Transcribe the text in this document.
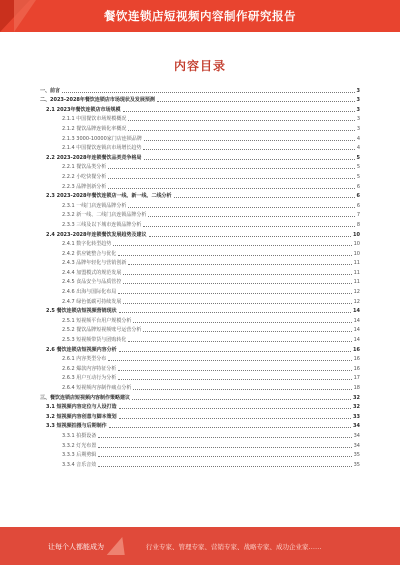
餐饮连锁店短视频内容制作研究报告
内容目录
一、前言	3
二、2023-2028年餐饮连锁店市场现状及发展预测	3
2.1 2023年餐饮连锁店市场规模	3
2.1.1 中国餐饮市场规模概况	3
2.1.2 餐饮品牌连锁化率概况	3
2.1.3 3000-10000家门店连锁品牌	4
2.1.4 中国餐饮连锁店市场增长趋势	4
2.2 2023-2028年连锁餐饮品类竞争格局	5
2.2.1 餐饮品类分析	5
2.2.2 小吃快餐分析	5
2.2.3 品牌创新分析	6
2.3 2023-2028年餐饮连锁店一线、新一线、二线分析	6
2.3.1 一线门店连锁品牌分析	6
2.3.2 新一线、二线门店连锁品牌分析	7
2.3.3 三线及以下城市连锁品牌分析	8
2.4 2023-2028年连锁餐饮发展趋势及建议	10
2.4.1 数字化转型趋势	10
2.4.2 供应链整合与优化	10
2.4.3 品牌年轻化与营销创新	11
2.4.4 加盟模式的规范发展	11
2.4.5 食品安全与品质管控	11
2.4.6 出海与国际化布局	12
2.4.7 绿色低碳可持续发展	12
2.5 餐饮连锁店短视频营销现状	14
2.5.1 短视频平台用户规模分析	14
2.5.2 餐饮品牌短视频账号运营分析	14
2.5.3 短视频带货与团购转化	14
2.6 餐饮连锁店短视频内容分析	16
2.6.1 内容类型分布	16
2.6.2 爆款内容特征分析	16
2.6.3 用户互动行为分析	17
2.6.4 短视频内容制作痛点分析	18
三、餐饮连锁店短视频内容制作策略建议	32
3.1 短视频内容定位与人设打造	32
3.2 短视频内容创意与脚本策划	33
3.3 短视频拍摄与后期制作	34
3.3.1 拍摄设备	34
3.3.2 灯光布置	34
3.3.3 后期剪辑	35
3.3.4 音乐音效	35
让每个人都能成为	行业专家、管理专家、营销专家、战略专家、成功企业家……
